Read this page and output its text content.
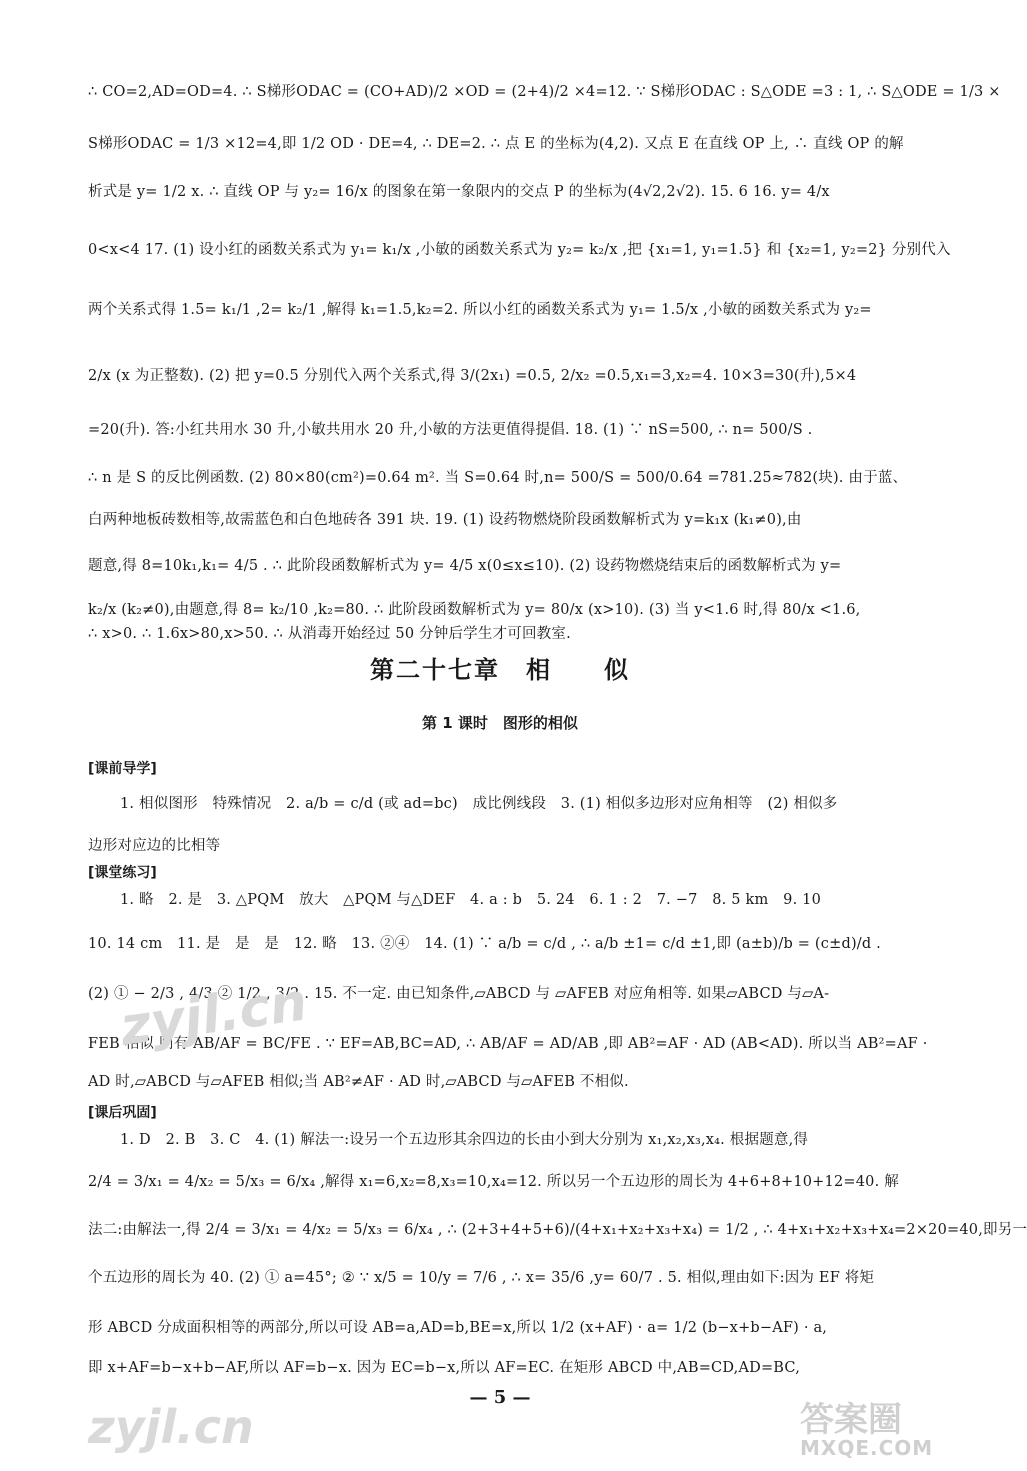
∴ CO=2,AD=OD=4. ∴ S梯形ODAC = (CO+AD)/2 ×OD = (2+4)/2 ×4=12. ∵ S梯形ODAC : S△ODE =3 : 1, ∴ S△ODE = 1/3 ×
S梯形ODAC = 1/3 ×12=4,即 1/2 OD · DE=4, ∴ DE=2. ∴ 点 E 的坐标为(4,2). 又点 E 在直线 OP 上, ∴ 直线 OP 的解
析式是 y= 1/2 x. ∴ 直线 OP 与 y₂= 16/x 的图象在第一象限内的交点 P 的坐标为(4√2,2√2). 15. 6 16. y= 4/x
0<x<4 17. (1) 设小红的函数关系式为 y₁= k₁/x ,小敏的函数关系式为 y₂= k₂/x ,把 {x₁=1, y₁=1.5} 和 {x₂=1, y₂=2} 分别代入
两个关系式得 1.5= k₁/1 ,2= k₂/1 ,解得 k₁=1.5,k₂=2. 所以小红的函数关系式为 y₁= 1.5/x ,小敏的函数关系式为 y₂=
2/x (x 为正整数). (2) 把 y=0.5 分别代入两个关系式,得 3/(2x₁) =0.5, 2/x₂ =0.5,x₁=3,x₂=4. 10×3=30(升),5×4
=20(升). 答:小红共用水 30 升,小敏共用水 20 升,小敏的方法更值得提倡. 18. (1) ∵ nS=500, ∴ n= 500/S .
∴ n 是 S 的反比例函数. (2) 80×80(cm²)=0.64 m². 当 S=0.64 时,n= 500/S = 500/0.64 =781.25≈782(块). 由于蓝、
白两种地板砖数相等,故需蓝色和白色地砖各 391 块. 19. (1) 设药物燃烧阶段函数解析式为 y=k₁x (k₁≠0),由
题意,得 8=10k₁,k₁= 4/5 . ∴ 此阶段函数解析式为 y= 4/5 x(0≤x≤10). (2) 设药物燃烧结束后的函数解析式为 y=
k₂/x (k₂≠0),由题意,得 8= k₂/10 ,k₂=80. ∴ 此阶段函数解析式为 y= 80/x (x>10). (3) 当 y<1.6 时,得 80/x <1.6,
∴ x>0. ∴ 1.6x>80,x>50. ∴ 从消毒开始经过 50 分钟后学生才可回教室.
第二十七章　相　　似
第 1 课时　图形的相似
[课前导学]
1. 相似图形　特殊情况　2. a/b = c/d (或 ad=bc)　成比例线段　3. (1) 相似多边形对应角相等　(2) 相似多
边形对应边的比相等
[课堂练习]
1. 略　2. 是　3. △PQM　放大　△PQM 与△DEF　4. a : b　5. 24　6. 1 : 2　7. −7　8. 5 km　9. 10
10. 14 cm　11. 是　是　是　12. 略　13. ②④　14. (1) ∵ a/b = c/d , ∴ a/b ±1= c/d ±1,即 (a±b)/b = (c±d)/d .
(2) ① − 2/3 , 4/3 ② 1/2 , 3/2 . 15. 不一定. 由已知条件,▱ABCD 与 ▱AFEB 对应角相等. 如果▱ABCD 与▱A-
FEB 相似,则有 AB/AF = BC/FE . ∵ EF=AB,BC=AD, ∴ AB/AF = AD/AB ,即 AB²=AF · AD (AB<AD). 所以当 AB²=AF ·
AD 时,▱ABCD 与▱AFEB 相似;当 AB²≠AF · AD 时,▱ABCD 与▱AFEB 不相似.
[课后巩固]
1. D　2. B　3. C　4. (1) 解法一:设另一个五边形其余四边的长由小到大分别为 x₁,x₂,x₃,x₄. 根据题意,得
2/4 = 3/x₁ = 4/x₂ = 5/x₃ = 6/x₄ ,解得 x₁=6,x₂=8,x₃=10,x₄=12. 所以另一个五边形的周长为 4+6+8+10+12=40. 解
法二:由解法一,得 2/4 = 3/x₁ = 4/x₂ = 5/x₃ = 6/x₄ , ∴ (2+3+4+5+6)/(4+x₁+x₂+x₃+x₄) = 1/2 , ∴ 4+x₁+x₂+x₃+x₄=2×20=40,即另一
个五边形的周长为 40. (2) ① a=45°; ② ∵ x/5 = 10/y = 7/6 , ∴ x= 35/6 ,y= 60/7 . 5. 相似,理由如下:因为 EF 将矩
形 ABCD 分成面积相等的两部分,所以可设 AB=a,AD=b,BE=x,所以 1/2 (x+AF) · a= 1/2 (b−x+b−AF) · a,
即 x+AF=b−x+b−AF,所以 AF=b−x. 因为 EC=b−x,所以 AF=EC. 在矩形 ABCD 中,AB=CD,AD=BC,
— 5 —
zyjl.cn
zyjl.cn	答案圈
MXQE.COM
